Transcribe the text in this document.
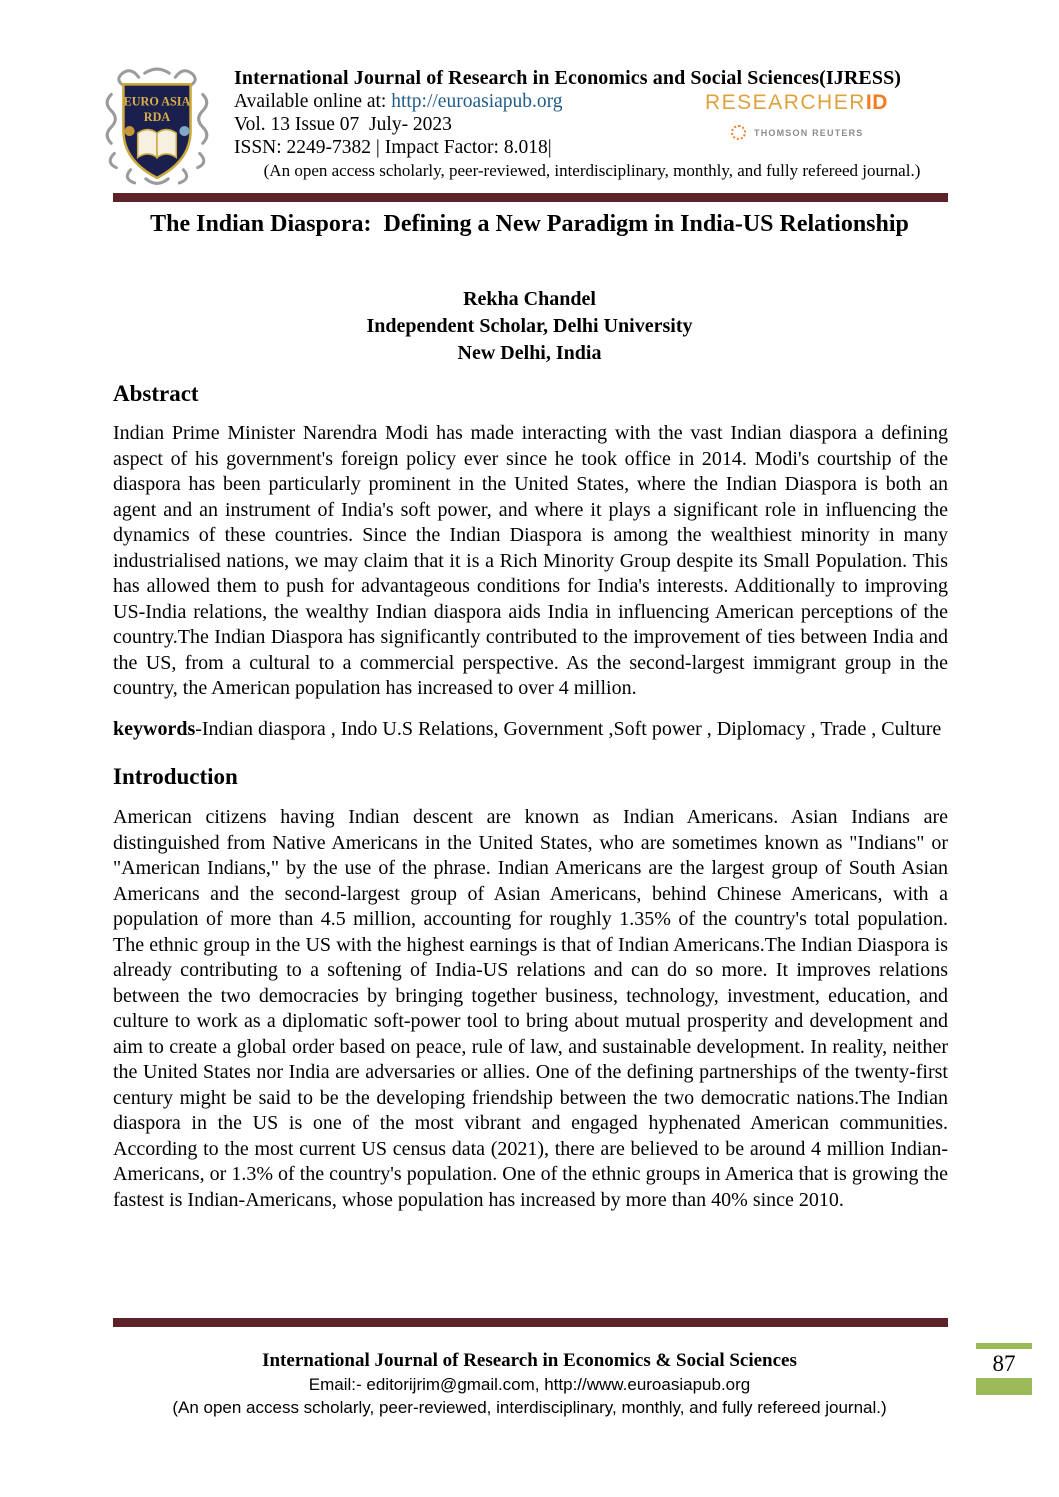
EURO ASIA
RDA
International Journal of Research in Economics and Social Sciences(IJRESS)
Available online at: http://euroasiapub.org
Vol. 13 Issue 07  July- 2023
ISSN: 2249-7382 | Impact Factor: 8.018|
(An open access scholarly, peer-reviewed, interdisciplinary, monthly, and fully refereed journal.)
RESEARCHERID
THOMSON REUTERS
The Indian Diaspora:  Defining a New Paradigm in India-US Relationship
Rekha Chandel
Independent Scholar, Delhi University
New Delhi, India
Abstract

Indian Prime Minister Narendra Modi has made interacting with the vast Indian diaspora a defining aspect of his government's foreign policy ever since he took office in 2014. Modi's courtship of the diaspora has been particularly prominent in the United States, where the Indian Diaspora is both an agent and an instrument of India's soft power, and where it plays a significant role in influencing the dynamics of these countries. Since the Indian Diaspora is among the wealthiest minority in many industrialised nations, we may claim that it is a Rich Minority Group despite its Small Population. This has allowed them to push for advantageous conditions for India's interests. Additionally to improving US-India relations, the wealthy Indian diaspora aids India in influencing American perceptions of the country.The Indian Diaspora has significantly contributed to the improvement of ties between India and the US, from a cultural to a commercial perspective. As the second-largest immigrant group in the country, the American population has increased to over 4 million.

keywords-Indian diaspora , Indo U.S Relations, Government ,Soft power , Diplomacy , Trade , Culture

Introduction

American citizens having Indian descent are known as Indian Americans. Asian Indians are distinguished from Native Americans in the United States, who are sometimes known as "Indians" or "American Indians," by the use of the phrase. Indian Americans are the largest group of South Asian Americans and the second-largest group of Asian Americans, behind Chinese Americans, with a population of more than 4.5 million, accounting for roughly 1.35% of the country's total population. The ethnic group in the US with the highest earnings is that of Indian Americans.The Indian Diaspora is already contributing to a softening of India-US relations and can do so more. It improves relations between the two democracies by bringing together business, technology, investment, education, and culture to work as a diplomatic soft-power tool to bring about mutual prosperity and development and aim to create a global order based on peace, rule of law, and sustainable development. In reality, neither the United States nor India are adversaries or allies. One of the defining partnerships of the twenty-first century might be said to be the developing friendship between the two democratic nations.The Indian diaspora in the US is one of the most vibrant and engaged hyphenated American communities. According to the most current US census data (2021), there are believed to be around 4 million Indian-Americans, or 1.3% of the country's population. One of the ethnic groups in America that is growing the fastest is Indian-Americans, whose population has increased by more than 40% since 2010.

International Journal of Research in Economics & Social Sciences
Email:- editorijrim@gmail.com, http://www.euroasiapub.org
(An open access scholarly, peer-reviewed, interdisciplinary, monthly, and fully refereed journal.)
87
